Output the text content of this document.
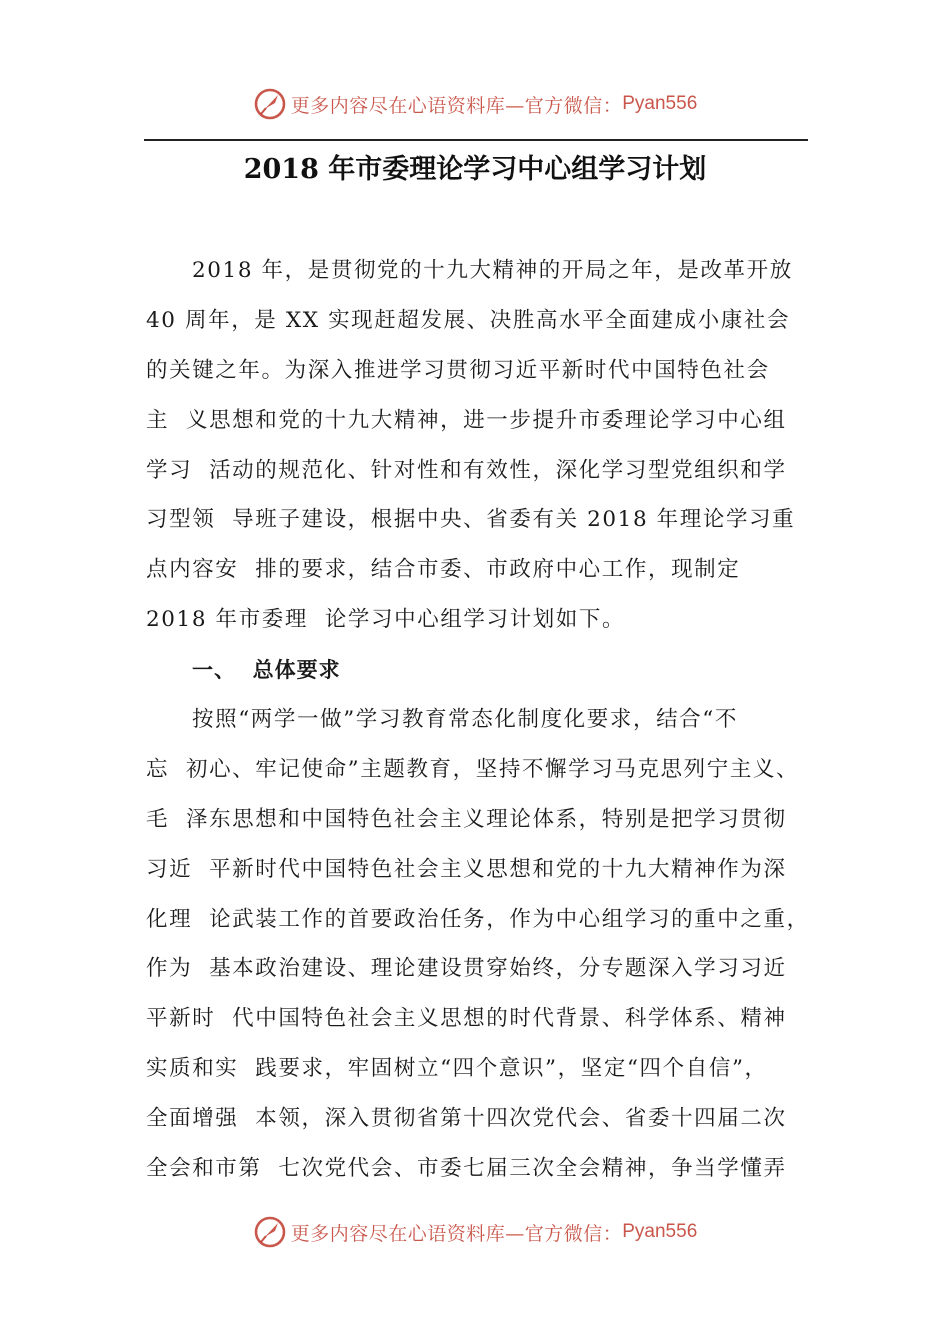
更多内容尽在心语资料库—官方微信： Pyan556
2018 年市委理论学习中心组学习计划
2018 年，是贯彻党的十九大精神的开局之年，是改革开放
40 周年，是 XX 实现赶超发展、决胜高水平全面建成小康社会
的关键之年。为深入推进学习贯彻习近平新时代中国特色社会
主  义思想和党的十九大精神，进一步提升市委理论学习中心组
学习  活动的规范化、针对性和有效性，深化学习型党组织和学
习型领  导班子建设，根据中央、省委有关 2018 年理论学习重
点内容安  排的要求，结合市委、市政府中心工作，现制定
2018 年市委理  论学习中心组学习计划如下。
一、  总体要求
按照“两学一做”学习教育常态化制度化要求，结合“不
忘  初心、牢记使命”主题教育，坚持不懈学习马克思列宁主义、
毛  泽东思想和中国特色社会主义理论体系，特别是把学习贯彻
习近  平新时代中国特色社会主义思想和党的十九大精神作为深
化理  论武装工作的首要政治任务，作为中心组学习的重中之重，
作为  基本政治建设、理论建设贯穿始终，分专题深入学习习近
平新时  代中国特色社会主义思想的时代背景、科学体系、精神
实质和实  践要求，牢固树立“四个意识”，坚定“四个自信”，
全面增强  本领，深入贯彻省第十四次党代会、省委十四届二次
全会和市第  七次党代会、市委七届三次全会精神，争当学懂弄
更多内容尽在心语资料库—官方微信： Pyan556
